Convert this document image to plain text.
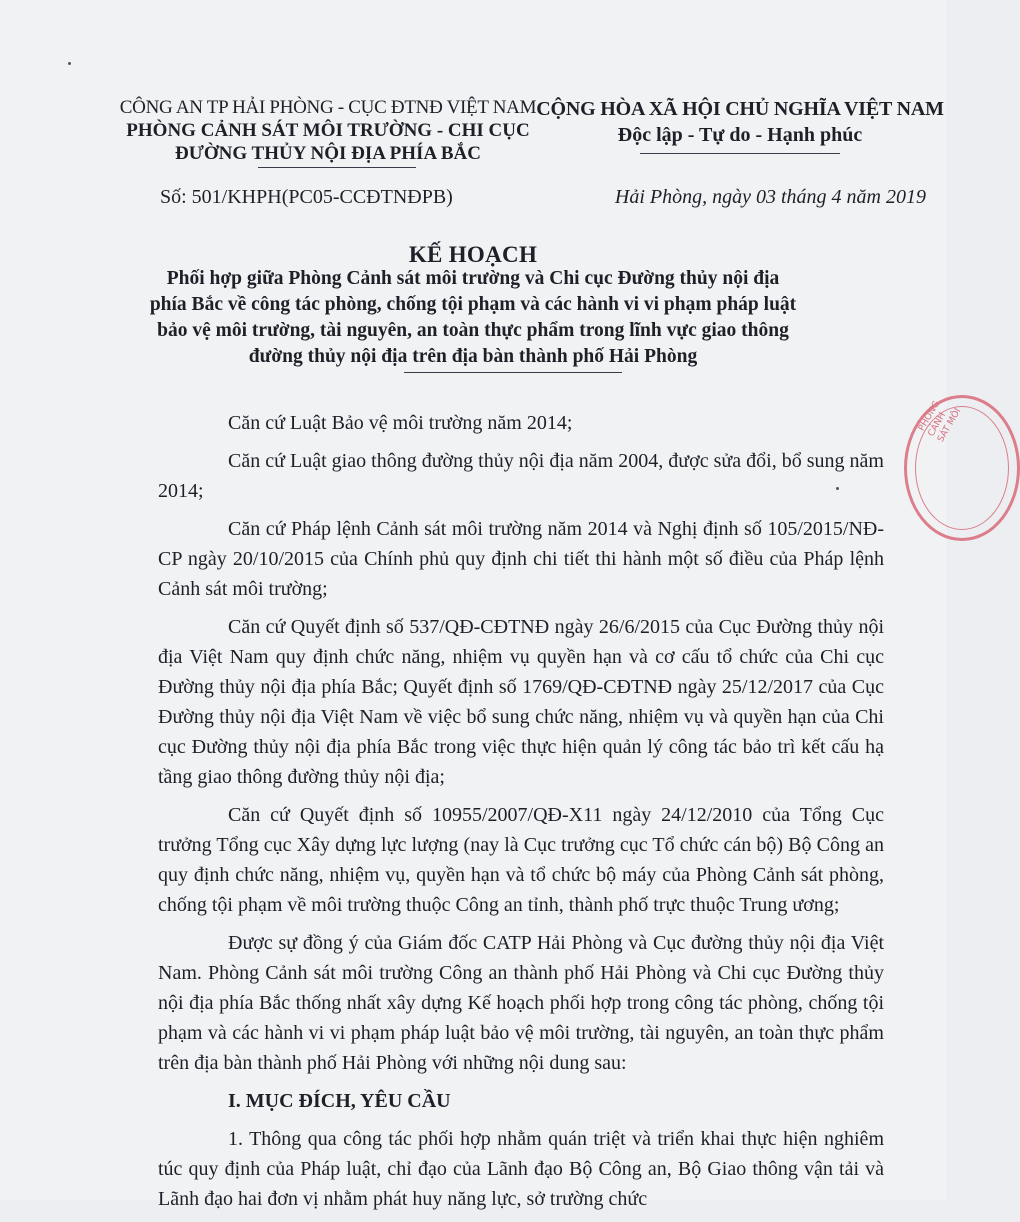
CÔNG AN TP HẢI PHÒNG - CỤC ĐTNĐ VIỆT NAM
PHÒNG CẢNH SÁT MÔI TRƯỜNG - CHI CỤC
ĐƯỜNG THỦY NỘI ĐỊA PHÍA BẮC
CỘNG HÒA XÃ HỘI CHỦ NGHĨA VIỆT NAM
Độc lập - Tự do - Hạnh phúc
Số: 501/KHPH(PC05-CCĐTNĐPB)	Hải Phòng, ngày 03 tháng 4 năm 2019
KẾ HOẠCH
Phối hợp giữa Phòng Cảnh sát môi trường và Chi cục Đường thủy nội địa
phía Bắc về công tác phòng, chống tội phạm và các hành vi vi phạm pháp luật
bảo vệ môi trường, tài nguyên, an toàn thực phẩm trong lĩnh vực giao thông
đường thủy nội địa trên địa bàn thành phố Hải Phòng

Căn cứ Luật Bảo vệ môi trường năm 2014;

Căn cứ Luật giao thông đường thủy nội địa năm 2004, được sửa đổi, bổ sung năm 2014;

Căn cứ Pháp lệnh Cảnh sát môi trường năm 2014 và Nghị định số 105/2015/NĐ-CP ngày 20/10/2015 của Chính phủ quy định chi tiết thi hành một số điều của Pháp lệnh Cảnh sát môi trường;

Căn cứ Quyết định số 537/QĐ-CĐTNĐ ngày 26/6/2015 của Cục Đường thủy nội địa Việt Nam quy định chức năng, nhiệm vụ quyền hạn và cơ cấu tổ chức của Chi cục Đường thủy nội địa phía Bắc; Quyết định số 1769/QĐ-CĐTNĐ ngày 25/12/2017 của Cục Đường thủy nội địa Việt Nam về việc bổ sung chức năng, nhiệm vụ và quyền hạn của Chi cục Đường thủy nội địa phía Bắc trong việc thực hiện quản lý công tác bảo trì kết cấu hạ tầng giao thông đường thủy nội địa;

Căn cứ Quyết định số 10955/2007/QĐ-X11 ngày 24/12/2010 của Tổng Cục trưởng Tổng cục Xây dựng lực lượng (nay là Cục trưởng cục Tổ chức cán bộ) Bộ Công an quy định chức năng, nhiệm vụ, quyền hạn và tổ chức bộ máy của Phòng Cảnh sát phòng, chống tội phạm về môi trường thuộc Công an tỉnh, thành phố trực thuộc Trung ương;

Được sự đồng ý của Giám đốc CATP Hải Phòng và Cục đường thủy nội địa Việt Nam. Phòng Cảnh sát môi trường Công an thành phố Hải Phòng và Chi cục Đường thủy nội địa phía Bắc thống nhất xây dựng Kế hoạch phối hợp trong công tác phòng, chống tội phạm và các hành vi vi phạm pháp luật bảo vệ môi trường, tài nguyên, an toàn thực phẩm trên địa bàn thành phố Hải Phòng với những nội dung sau:

I. MỤC ĐÍCH, YÊU CẦU

1. Thông qua công tác phối hợp nhằm quán triệt và triển khai thực hiện nghiêm túc quy định của Pháp luật, chỉ đạo của Lãnh đạo Bộ Công an, Bộ Giao thông vận tải và Lãnh đạo hai đơn vị nhằm phát huy năng lực, sở trường chức

PHÒNG CẢNH SÁT MÔI
